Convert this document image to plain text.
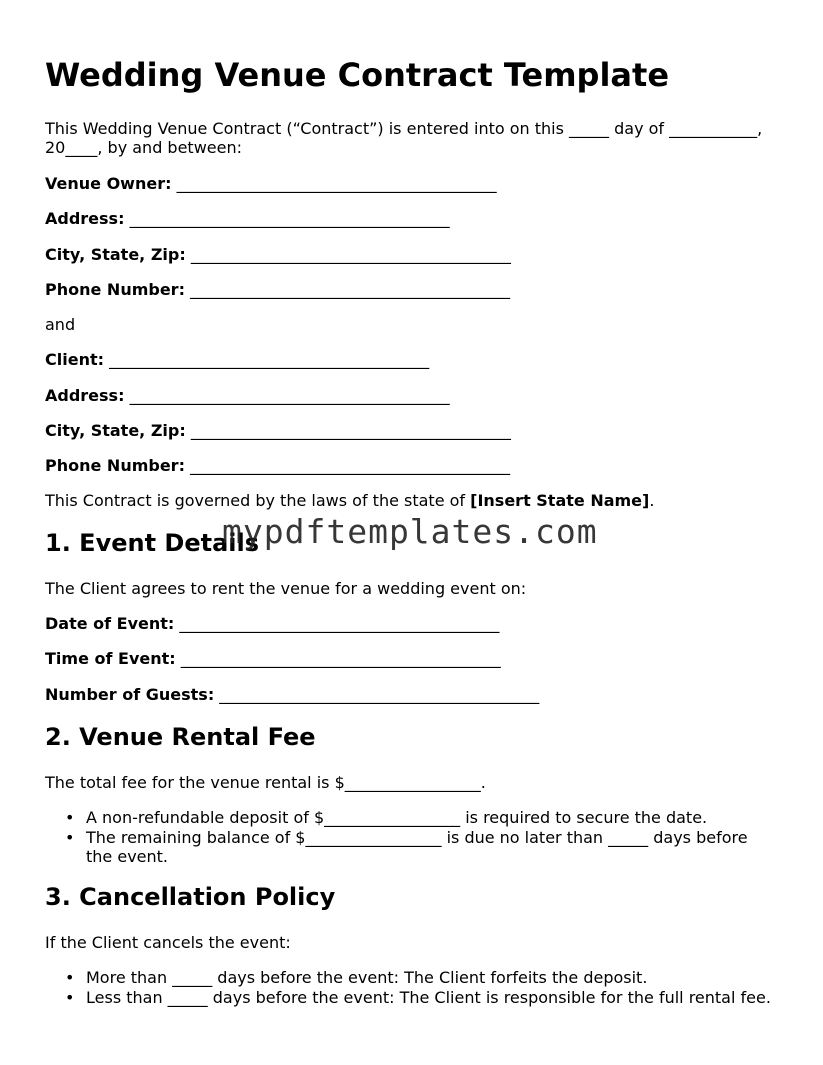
Wedding Venue Contract Template

This Wedding Venue Contract (“Contract”) is entered into on this _____ day of ___________,

20____, by and between:

Venue Owner: ________________________________________

Address: ________________________________________

City, State, Zip: ________________________________________

Phone Number: ________________________________________

and

Client: ________________________________________

Address: ________________________________________

City, State, Zip: ________________________________________

Phone Number: ________________________________________

This Contract is governed by the laws of the state of [Insert State Name].

1. Event Details

The Client agrees to rent the venue for a wedding event on:

Date of Event: ________________________________________

Time of Event: ________________________________________

Number of Guests: ________________________________________

2. Venue Rental Fee

The total fee for the venue rental is $_________________.

• A non-refundable deposit of $_________________ is required to secure the date.
• The remaining balance of $_________________ is due no later than _____ days before
the event.
3. Cancellation Policy

If the Client cancels the event:

• More than _____ days before the event: The Client forfeits the deposit.
• Less than _____ days before the event: The Client is responsible for the full rental fee.
mypdftemplates.com
